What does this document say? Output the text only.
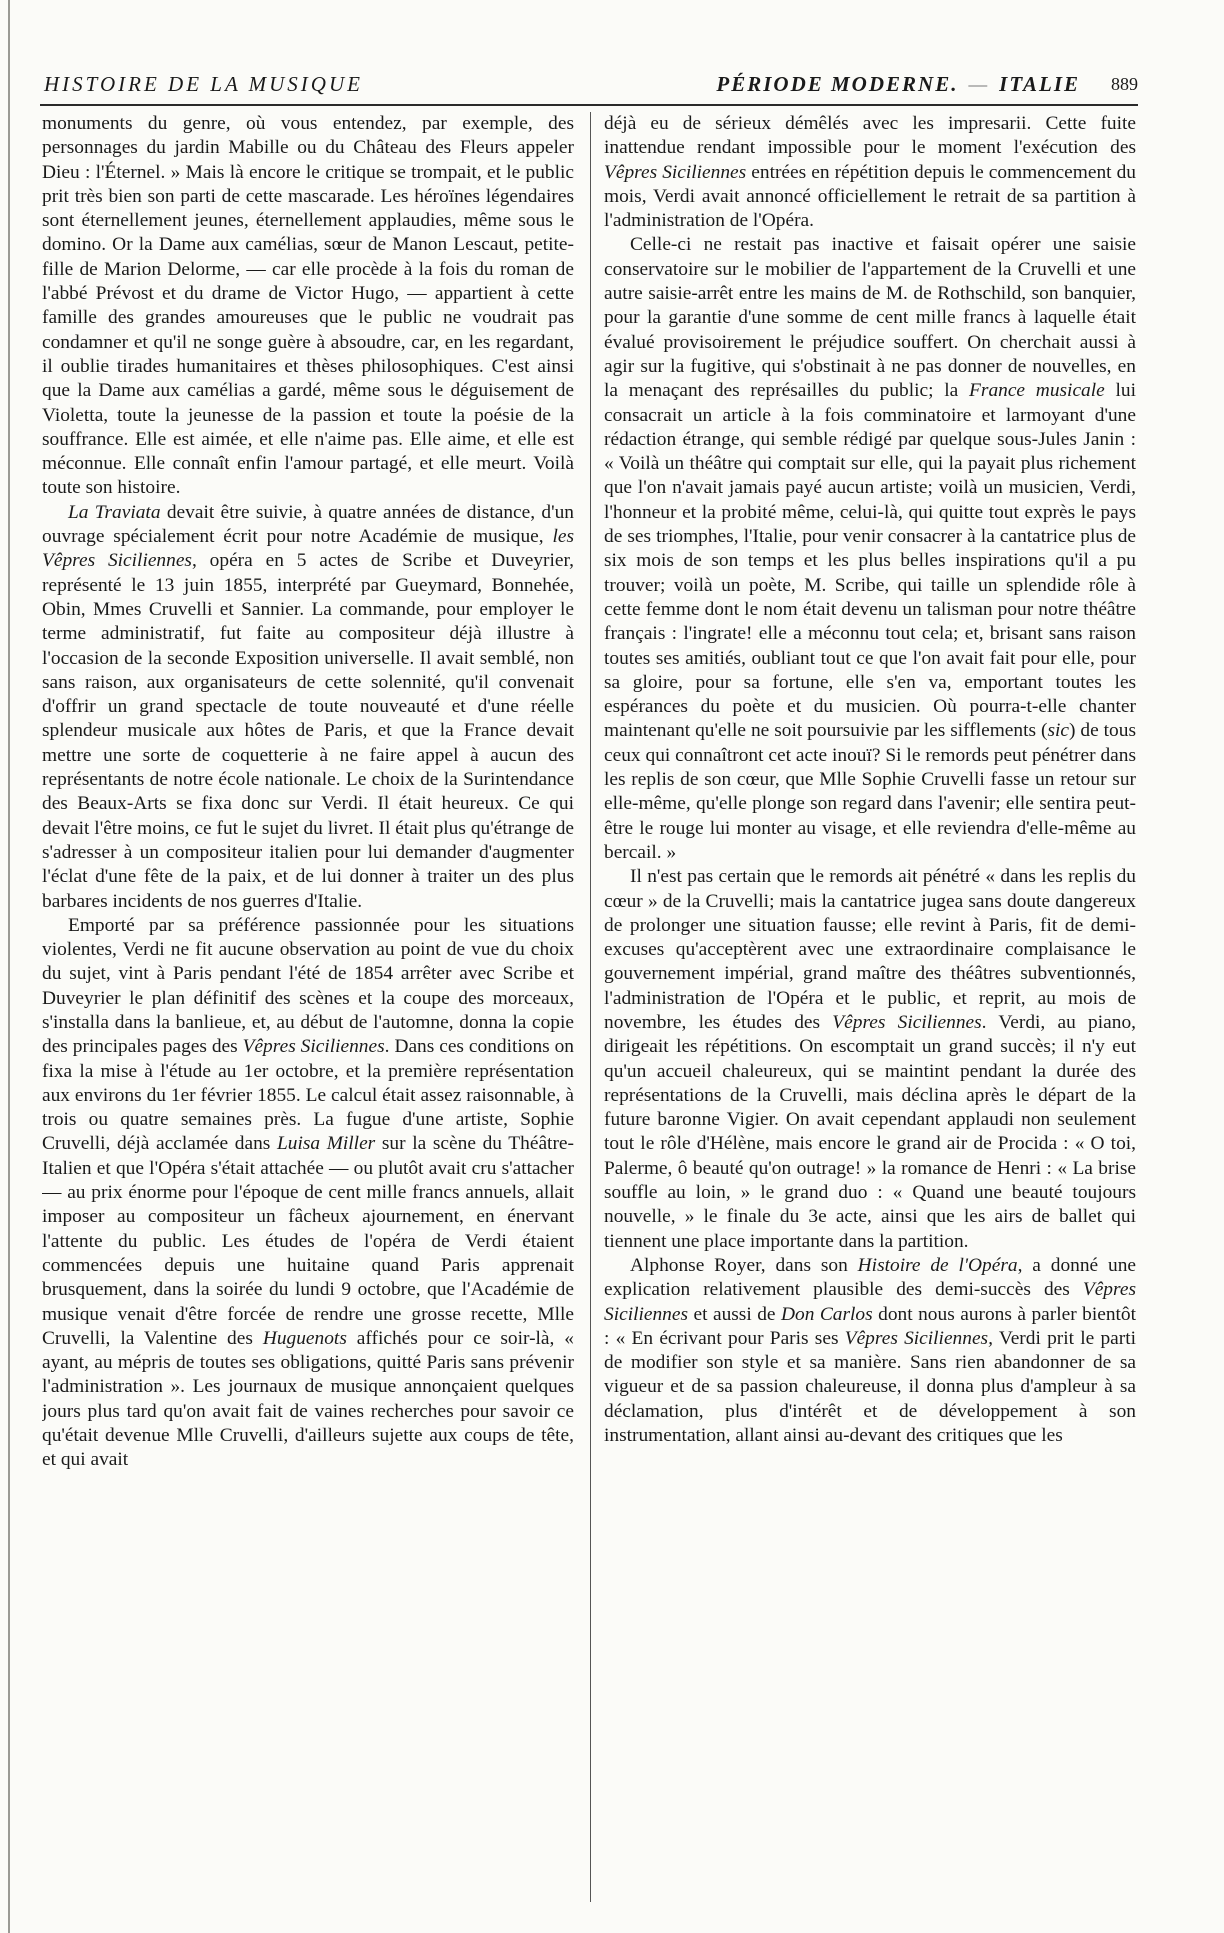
HISTOIRE DE LA MUSIQUE	PÉRIODE MODERNE. — ITALIE 889

monuments du genre, où vous entendez, par exemple, des personnages du jardin Mabille ou du Château des Fleurs appeler Dieu : l'Éternel. » Mais là encore le critique se trompait, et le public prit très bien son parti de cette mascarade. Les héroïnes légendaires sont éternellement jeunes, éternellement applaudies, même sous le domino. Or la Dame aux camélias, sœur de Manon Lescaut, petite-fille de Marion Delorme, — car elle procède à la fois du roman de l'abbé Prévost et du drame de Victor Hugo, — appartient à cette famille des grandes amoureuses que le public ne voudrait pas condamner et qu'il ne songe guère à absoudre, car, en les regardant, il oublie tirades humanitaires et thèses philosophiques. C'est ainsi que la Dame aux camélias a gardé, même sous le déguisement de Violetta, toute la jeunesse de la passion et toute la poésie de la souffrance. Elle est aimée, et elle n'aime pas. Elle aime, et elle est méconnue. Elle connaît enfin l'amour partagé, et elle meurt. Voilà toute son histoire.

La Traviata devait être suivie, à quatre années de distance, d'un ouvrage spécialement écrit pour notre Académie de musique, les Vêpres Siciliennes, opéra en 5 actes de Scribe et Duveyrier, représenté le 13 juin 1855, interprété par Gueymard, Bonnehée, Obin, Mmes Cruvelli et Sannier. La commande, pour employer le terme administratif, fut faite au compositeur déjà illustre à l'occasion de la seconde Exposition universelle. Il avait semblé, non sans raison, aux organisateurs de cette solennité, qu'il convenait d'offrir un grand spectacle de toute nouveauté et d'une réelle splendeur musicale aux hôtes de Paris, et que la France devait mettre une sorte de coquetterie à ne faire appel à aucun des représentants de notre école nationale. Le choix de la Surintendance des Beaux-Arts se fixa donc sur Verdi. Il était heureux. Ce qui devait l'être moins, ce fut le sujet du livret. Il était plus qu'étrange de s'adresser à un compositeur italien pour lui demander d'augmenter l'éclat d'une fête de la paix, et de lui donner à traiter un des plus barbares incidents de nos guerres d'Italie.

Emporté par sa préférence passionnée pour les situations violentes, Verdi ne fit aucune observation au point de vue du choix du sujet, vint à Paris pendant l'été de 1854 arrêter avec Scribe et Duveyrier le plan définitif des scènes et la coupe des morceaux, s'installa dans la banlieue, et, au début de l'automne, donna la copie des principales pages des Vêpres Siciliennes. Dans ces conditions on fixa la mise à l'étude au 1er octobre, et la première représentation aux environs du 1er février 1855. Le calcul était assez raisonnable, à trois ou quatre semaines près. La fugue d'une artiste, Sophie Cruvelli, déjà acclamée dans Luisa Miller sur la scène du Théâtre-Italien et que l'Opéra s'était attachée — ou plutôt avait cru s'attacher — au prix énorme pour l'époque de cent mille francs annuels, allait imposer au compositeur un fâcheux ajournement, en énervant l'attente du public. Les études de l'opéra de Verdi étaient commencées depuis une huitaine quand Paris apprenait brusquement, dans la soirée du lundi 9 octobre, que l'Académie de musique venait d'être forcée de rendre une grosse recette, Mlle Cruvelli, la Valentine des Huguenots affichés pour ce soir-là, « ayant, au mépris de toutes ses obligations, quitté Paris sans prévenir l'administration ». Les journaux de musique annonçaient quelques jours plus tard qu'on avait fait de vaines recherches pour savoir ce qu'était devenue Mlle Cruvelli, d'ailleurs sujette aux coups de tête, et qui avait

déjà eu de sérieux démêlés avec les impresarii. Cette fuite inattendue rendant impossible pour le moment l'exécution des Vêpres Siciliennes entrées en répétition depuis le commencement du mois, Verdi avait annoncé officiellement le retrait de sa partition à l'administration de l'Opéra.

Celle-ci ne restait pas inactive et faisait opérer une saisie conservatoire sur le mobilier de l'appartement de la Cruvelli et une autre saisie-arrêt entre les mains de M. de Rothschild, son banquier, pour la garantie d'une somme de cent mille francs à laquelle était évalué provisoirement le préjudice souffert. On cherchait aussi à agir sur la fugitive, qui s'obstinait à ne pas donner de nouvelles, en la menaçant des représailles du public; la France musicale lui consacrait un article à la fois comminatoire et larmoyant d'une rédaction étrange, qui semble rédigé par quelque sous-Jules Janin : « Voilà un théâtre qui comptait sur elle, qui la payait plus richement que l'on n'avait jamais payé aucun artiste; voilà un musicien, Verdi, l'honneur et la probité même, celui-là, qui quitte tout exprès le pays de ses triomphes, l'Italie, pour venir consacrer à la cantatrice plus de six mois de son temps et les plus belles inspirations qu'il a pu trouver; voilà un poète, M. Scribe, qui taille un splendide rôle à cette femme dont le nom était devenu un talisman pour notre théâtre français : l'ingrate! elle a méconnu tout cela; et, brisant sans raison toutes ses amitiés, oubliant tout ce que l'on avait fait pour elle, pour sa gloire, pour sa fortune, elle s'en va, emportant toutes les espérances du poète et du musicien. Où pourra-t-elle chanter maintenant qu'elle ne soit poursuivie par les sifflements (sic) de tous ceux qui connaîtront cet acte inouï? Si le remords peut pénétrer dans les replis de son cœur, que Mlle Sophie Cruvelli fasse un retour sur elle-même, qu'elle plonge son regard dans l'avenir; elle sentira peut-être le rouge lui monter au visage, et elle reviendra d'elle-même au bercail. »

Il n'est pas certain que le remords ait pénétré « dans les replis du cœur » de la Cruvelli; mais la cantatrice jugea sans doute dangereux de prolonger une situation fausse; elle revint à Paris, fit de demi-excuses qu'acceptèrent avec une extraordinaire complaisance le gouvernement impérial, grand maître des théâtres subventionnés, l'administration de l'Opéra et le public, et reprit, au mois de novembre, les études des Vêpres Siciliennes. Verdi, au piano, dirigeait les répétitions. On escomptait un grand succès; il n'y eut qu'un accueil chaleureux, qui se maintint pendant la durée des représentations de la Cruvelli, mais déclina après le départ de la future baronne Vigier. On avait cependant applaudi non seulement tout le rôle d'Hélène, mais encore le grand air de Procida : « O toi, Palerme, ô beauté qu'on outrage! » la romance de Henri : « La brise souffle au loin, » le grand duo : « Quand une beauté toujours nouvelle, » le finale du 3e acte, ainsi que les airs de ballet qui tiennent une place importante dans la partition.

Alphonse Royer, dans son Histoire de l'Opéra, a donné une explication relativement plausible des demi-succès des Vêpres Siciliennes et aussi de Don Carlos dont nous aurons à parler bientôt : « En écrivant pour Paris ses Vêpres Siciliennes, Verdi prit le parti de modifier son style et sa manière. Sans rien abandonner de sa vigueur et de sa passion chaleureuse, il donna plus d'ampleur à sa déclamation, plus d'intérêt et de développement à son instrumentation, allant ainsi au-devant des critiques que les
